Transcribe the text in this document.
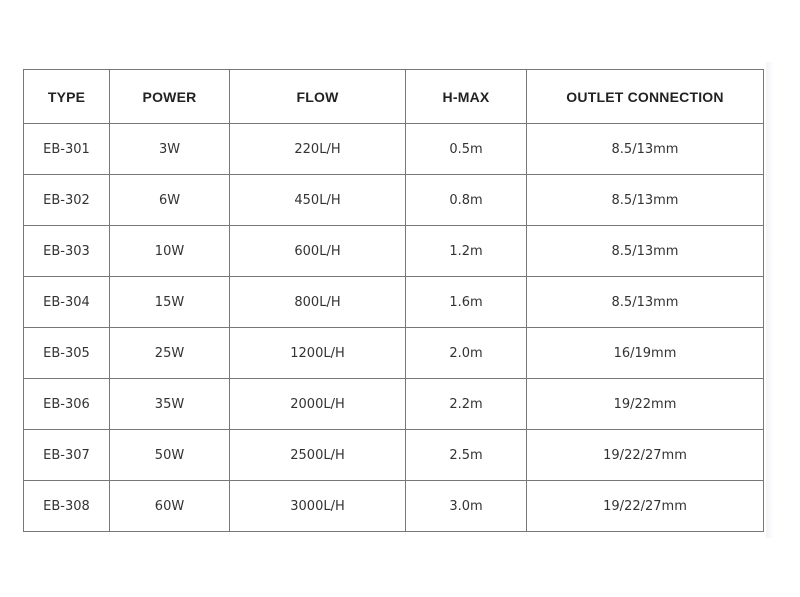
TYPE	POWER	FLOW	H-MAX	OUTLET CONNECTION
EB-301	3W	220L/H	0.5m	8.5/13mm
EB-302	6W	450L/H	0.8m	8.5/13mm
EB-303	10W	600L/H	1.2m	8.5/13mm
EB-304	15W	800L/H	1.6m	8.5/13mm
EB-305	25W	1200L/H	2.0m	16/19mm
EB-306	35W	2000L/H	2.2m	19/22mm
EB-307	50W	2500L/H	2.5m	19/22/27mm
EB-308	60W	3000L/H	3.0m	19/22/27mm
